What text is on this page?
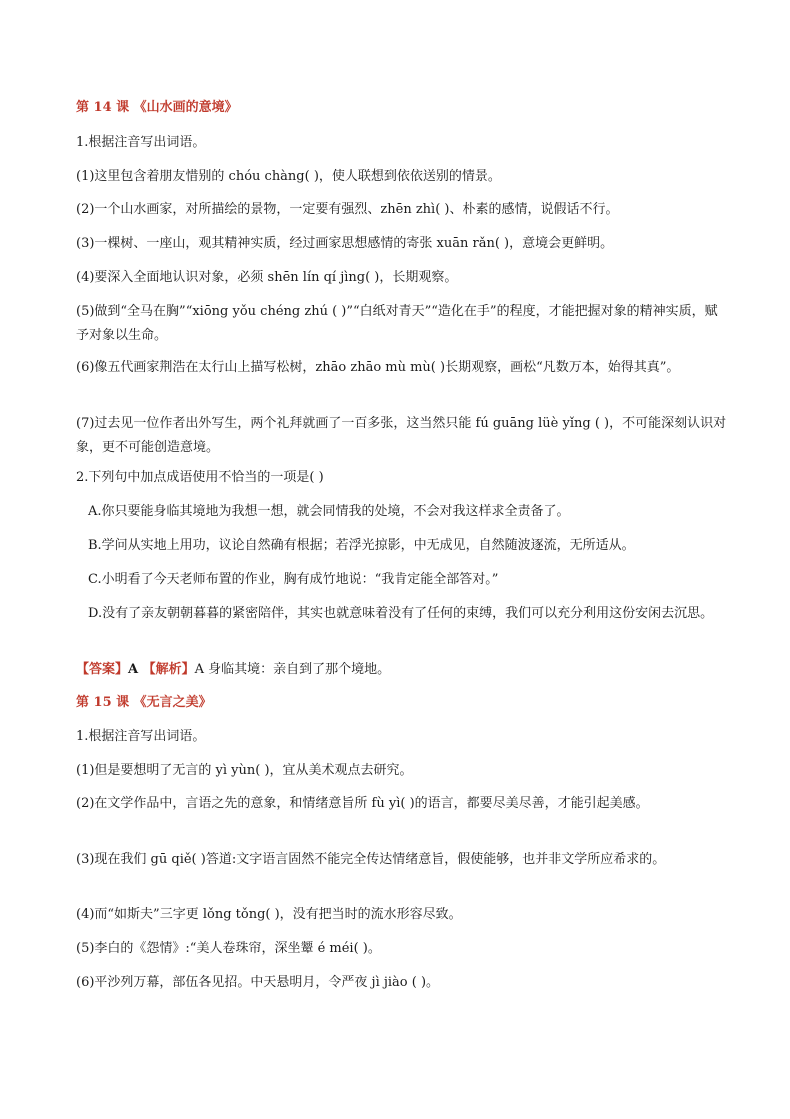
第 14 课 《山水画的意境》
1.根据注音写出词语。
(1)这里包含着朋友惜别的 chóu chàng( )，使人联想到依依送别的情景。
(2)一个山水画家，对所描绘的景物，一定要有强烈、zhēn zhì( )、朴素的感情，说假话不行。
(3)一棵树、一座山，观其精神实质，经过画家思想感情的寄张 xuān rǎn( )，意境会更鲜明。
(4)要深入全面地认识对象，必须 shēn lín qí jìng( )，长期观察。
(5)做到“全马在胸”“xiōng yǒu chéng zhú ( )”“白纸对青天”“造化在手”的程度，才能把握对象的精神实质，赋予对象以生命。
(6)像五代画家荆浩在太行山上描写松树，zhāo zhāo mù mù( )长期观察，画松“凡数万本，始得其真”。
(7)过去见一位作者出外写生，两个礼拜就画了一百多张，这当然只能 fú guāng lüè yǐng ( )，不可能深刻认识对象，更不可能创造意境。
2.下列句中加点成语使用不恰当的一项是( )
A.你只要能身临其境地为我想一想，就会同情我的处境，不会对我这样求全责备了。
B.学问从实地上用功，议论自然确有根据；若浮光掠影，中无成见，自然随波逐流，无所适从。
C.小明看了今天老师布置的作业，胸有成竹地说：“我肯定能全部答对。”
D.没有了亲友朝朝暮暮的紧密陪伴，其实也就意味着没有了任何的束缚，我们可以充分利用这份安闲去沉思。
【答案】A 【解析】A 身临其境：亲自到了那个境地。
第 15 课 《无言之美》
1.根据注音写出词语。
(1)但是要想明了无言的 yì yùn( )，宜从美术观点去研究。
(2)在文学作品中，言语之先的意象，和情绪意旨所 fù yì( )的语言，都要尽美尽善，才能引起美感。
(3)现在我们 gū qiě( )答道:文字语言固然不能完全传达情绪意旨，假使能够，也并非文学所应希求的。
(4)而“如斯夫”三字更 lǒng tǒng( )，没有把当时的流水形容尽致。
(5)李白的《怨情》:“美人卷珠帘，深坐颦 é méi( )。
(6)平沙列万幕，部伍各见招。中天悬明月，令严夜 jì jiào ( )。
